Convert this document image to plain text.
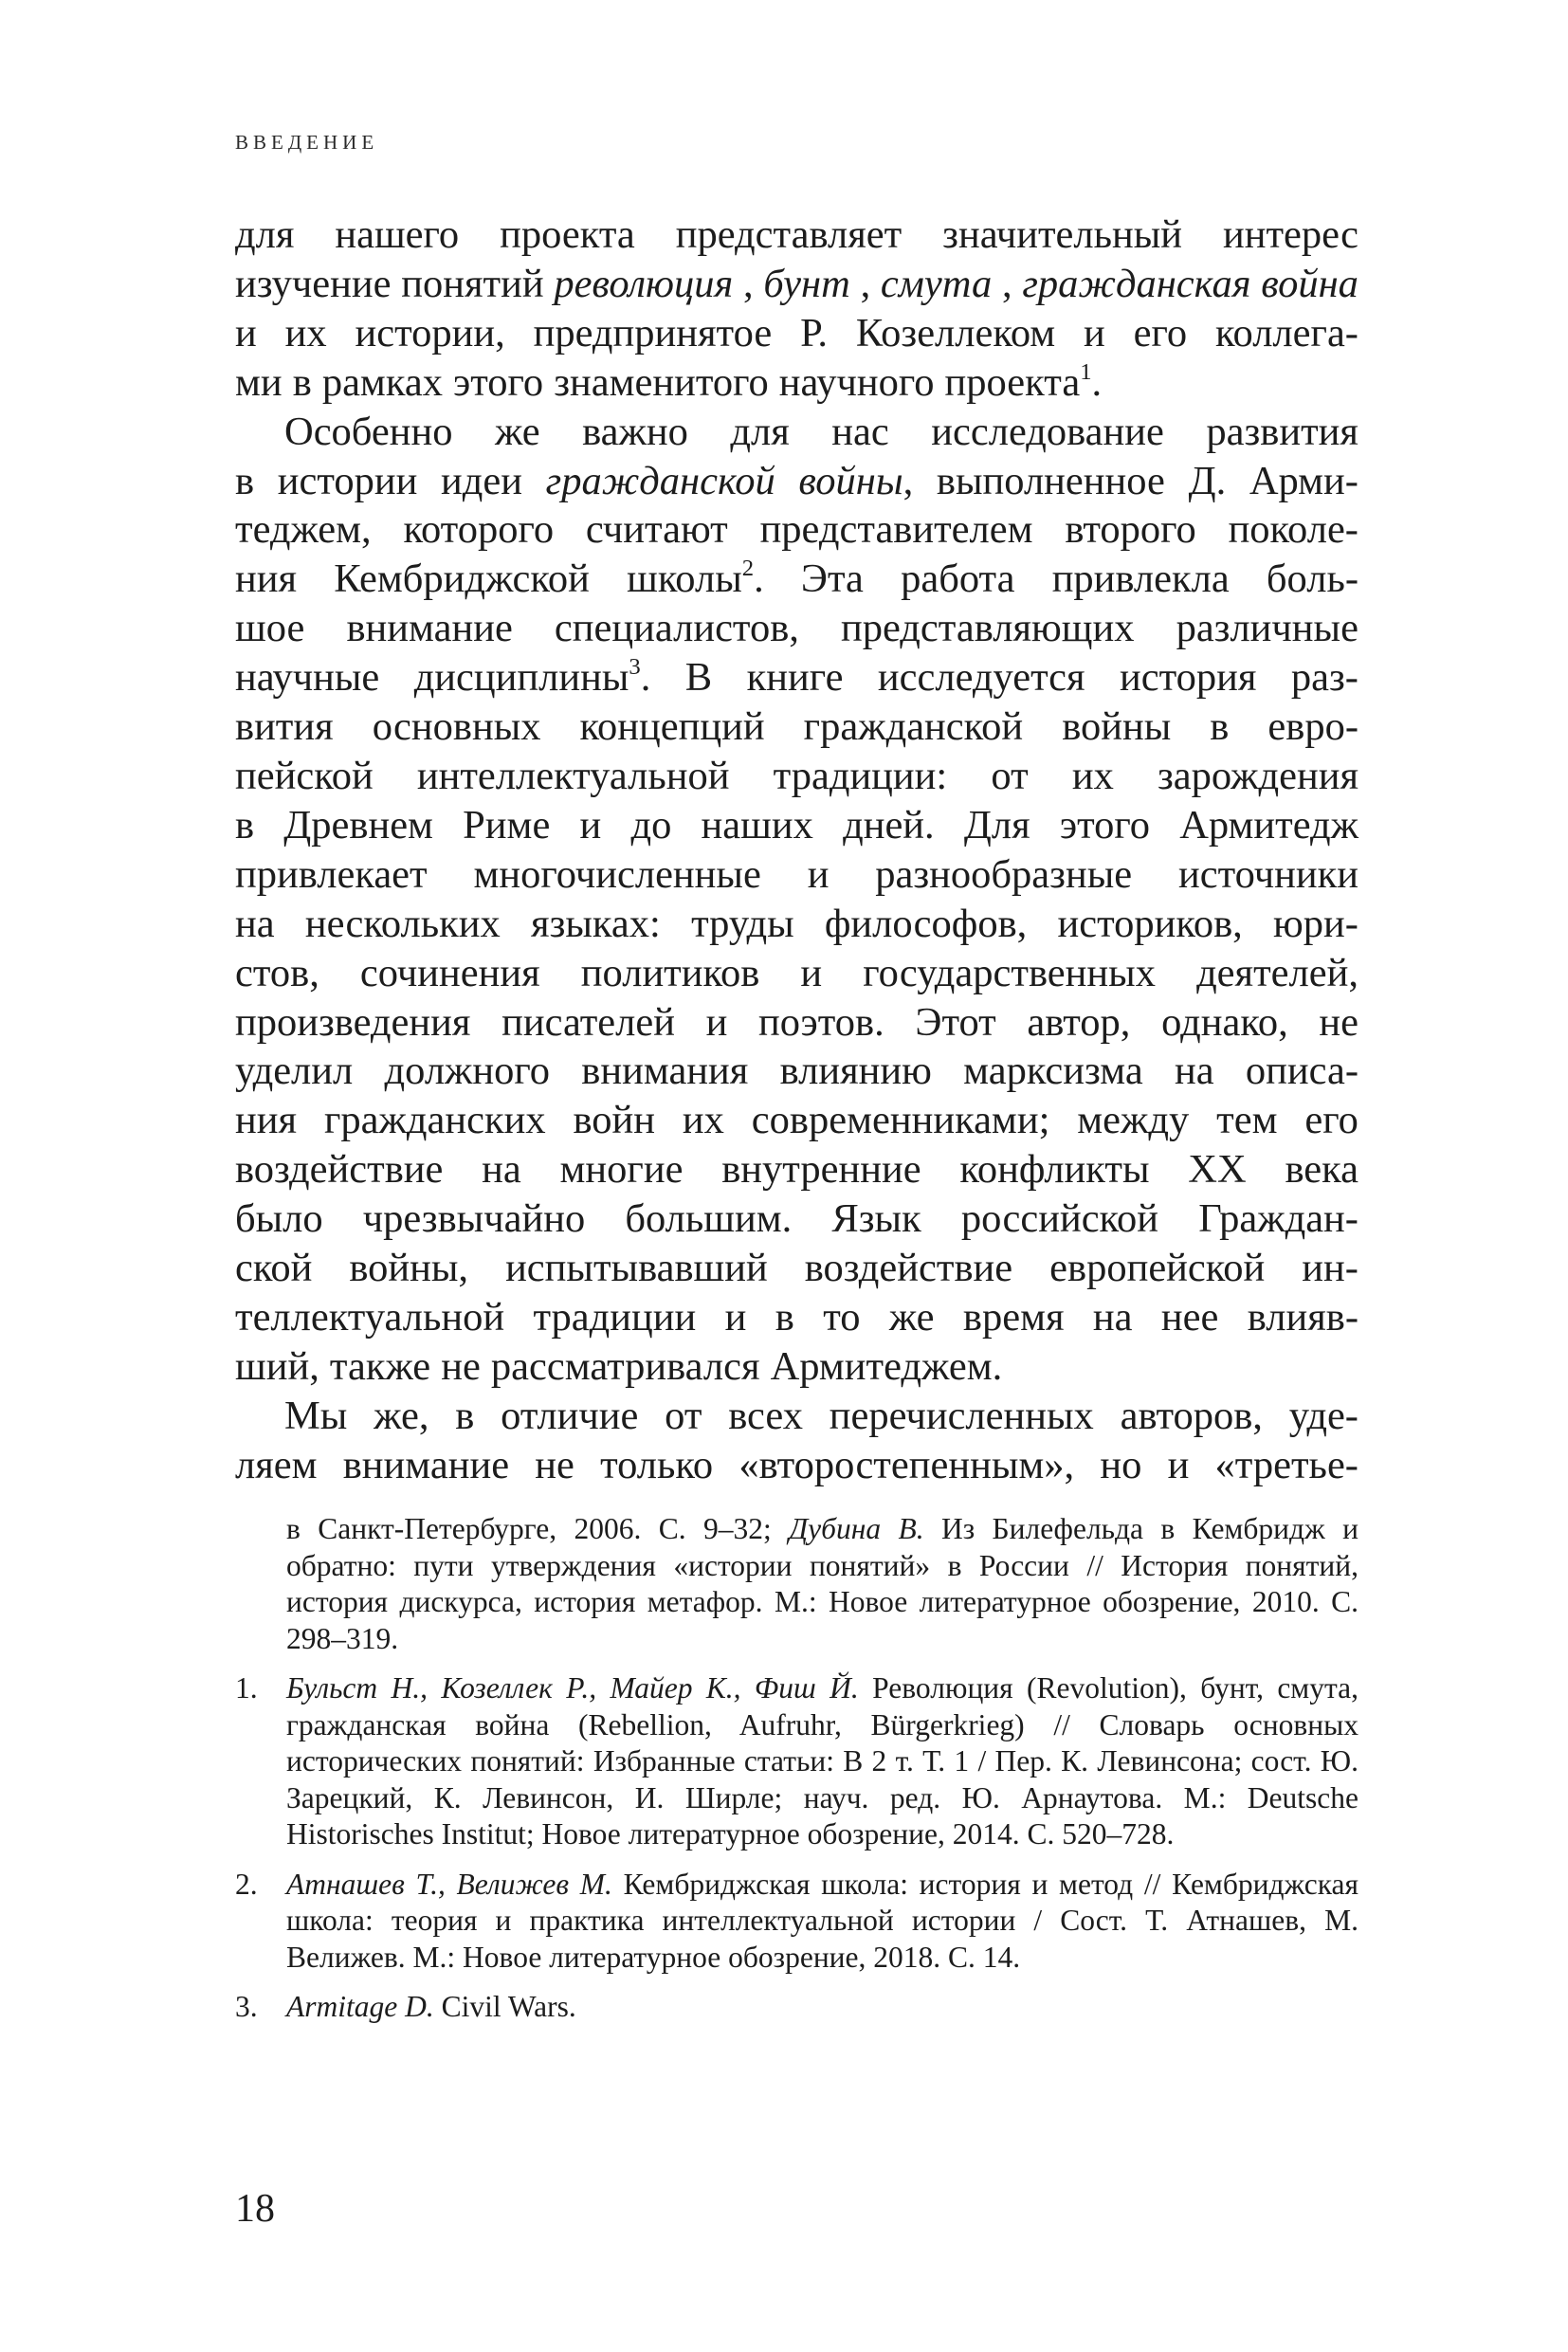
ВВЕДЕНИЕ
для нашего проекта представляет значительный интерес
изучение понятий революция , бунт , смута , гражданская война
и их истории, предпринятое Р. Козеллеком и его коллега-
ми в рамках этого знаменитого научного проекта$^1$.
Особенно же важно для нас исследование развития
в истории идеи гражданской войны, выполненное Д. Арми-
теджем, которого считают представителем второго поколе-
ния Кембриджской школы$^2$. Эта работа привлекла боль-
шое внимание специалистов, представляющих различные
научные дисциплины$^3$. В книге исследуется история раз-
вития основных концепций гражданской войны в евро-
пейской интеллектуальной традиции: от их зарождения
в Древнем Риме и до наших дней. Для этого Армитедж
привлекает многочисленные и разнообразные источники
на нескольких языках: труды философов, историков, юри-
стов, сочинения политиков и государственных деятелей,
произведения писателей и поэтов. Этот автор, однако, не
уделил должного внимания влиянию марксизма на описа-
ния гражданских войн их современниками; между тем его
воздействие на многие внутренние конфликты XX века
было чрезвычайно большим. Язык российской Граждан-
ской войны, испытывавший воздействие европейской ин-
теллектуальной традиции и в то же время на нее влияв-
ший, также не рассматривался Армитеджем.
Мы же, в отличие от всех перечисленных авторов, уде-
ляем внимание не только «второстепенным», но и «третье-
в Санкт-Петербурге, 2006. С. 9–32; Дубина В. Из Билефельда в Кембридж и обратно: пути утверждения «истории понятий» в России // История понятий, история дискурса, история метафор. М.: Новое литературное обозрение, 2010. С. 298–319.
1. Бульст Н., Козеллек Р., Майер К., Фиш Й. Революция (Revolution), бунт, смута, гражданская война (Rebellion, Aufruhr, Bürgerkrieg) // Словарь основных исторических понятий: Избранные статьи: В 2 т. Т. 1 / Пер. К. Левинсона; сост. Ю. Зарецкий, К. Левинсон, И. Ширле; науч. ред. Ю. Арнаутова. М.: Deutsche Historisches Institut; Новое литературное обозрение, 2014. С. 520–728.
2. Атнашев Т., Велижев М. Кембриджская школа: история и метод // Кембриджская школа: теория и практика интеллектуальной истории / Сост. Т. Атнашев, М. Велижев. М.: Новое литературное обозрение, 2018. С. 14.
3. Armitage D. Civil Wars.
18
